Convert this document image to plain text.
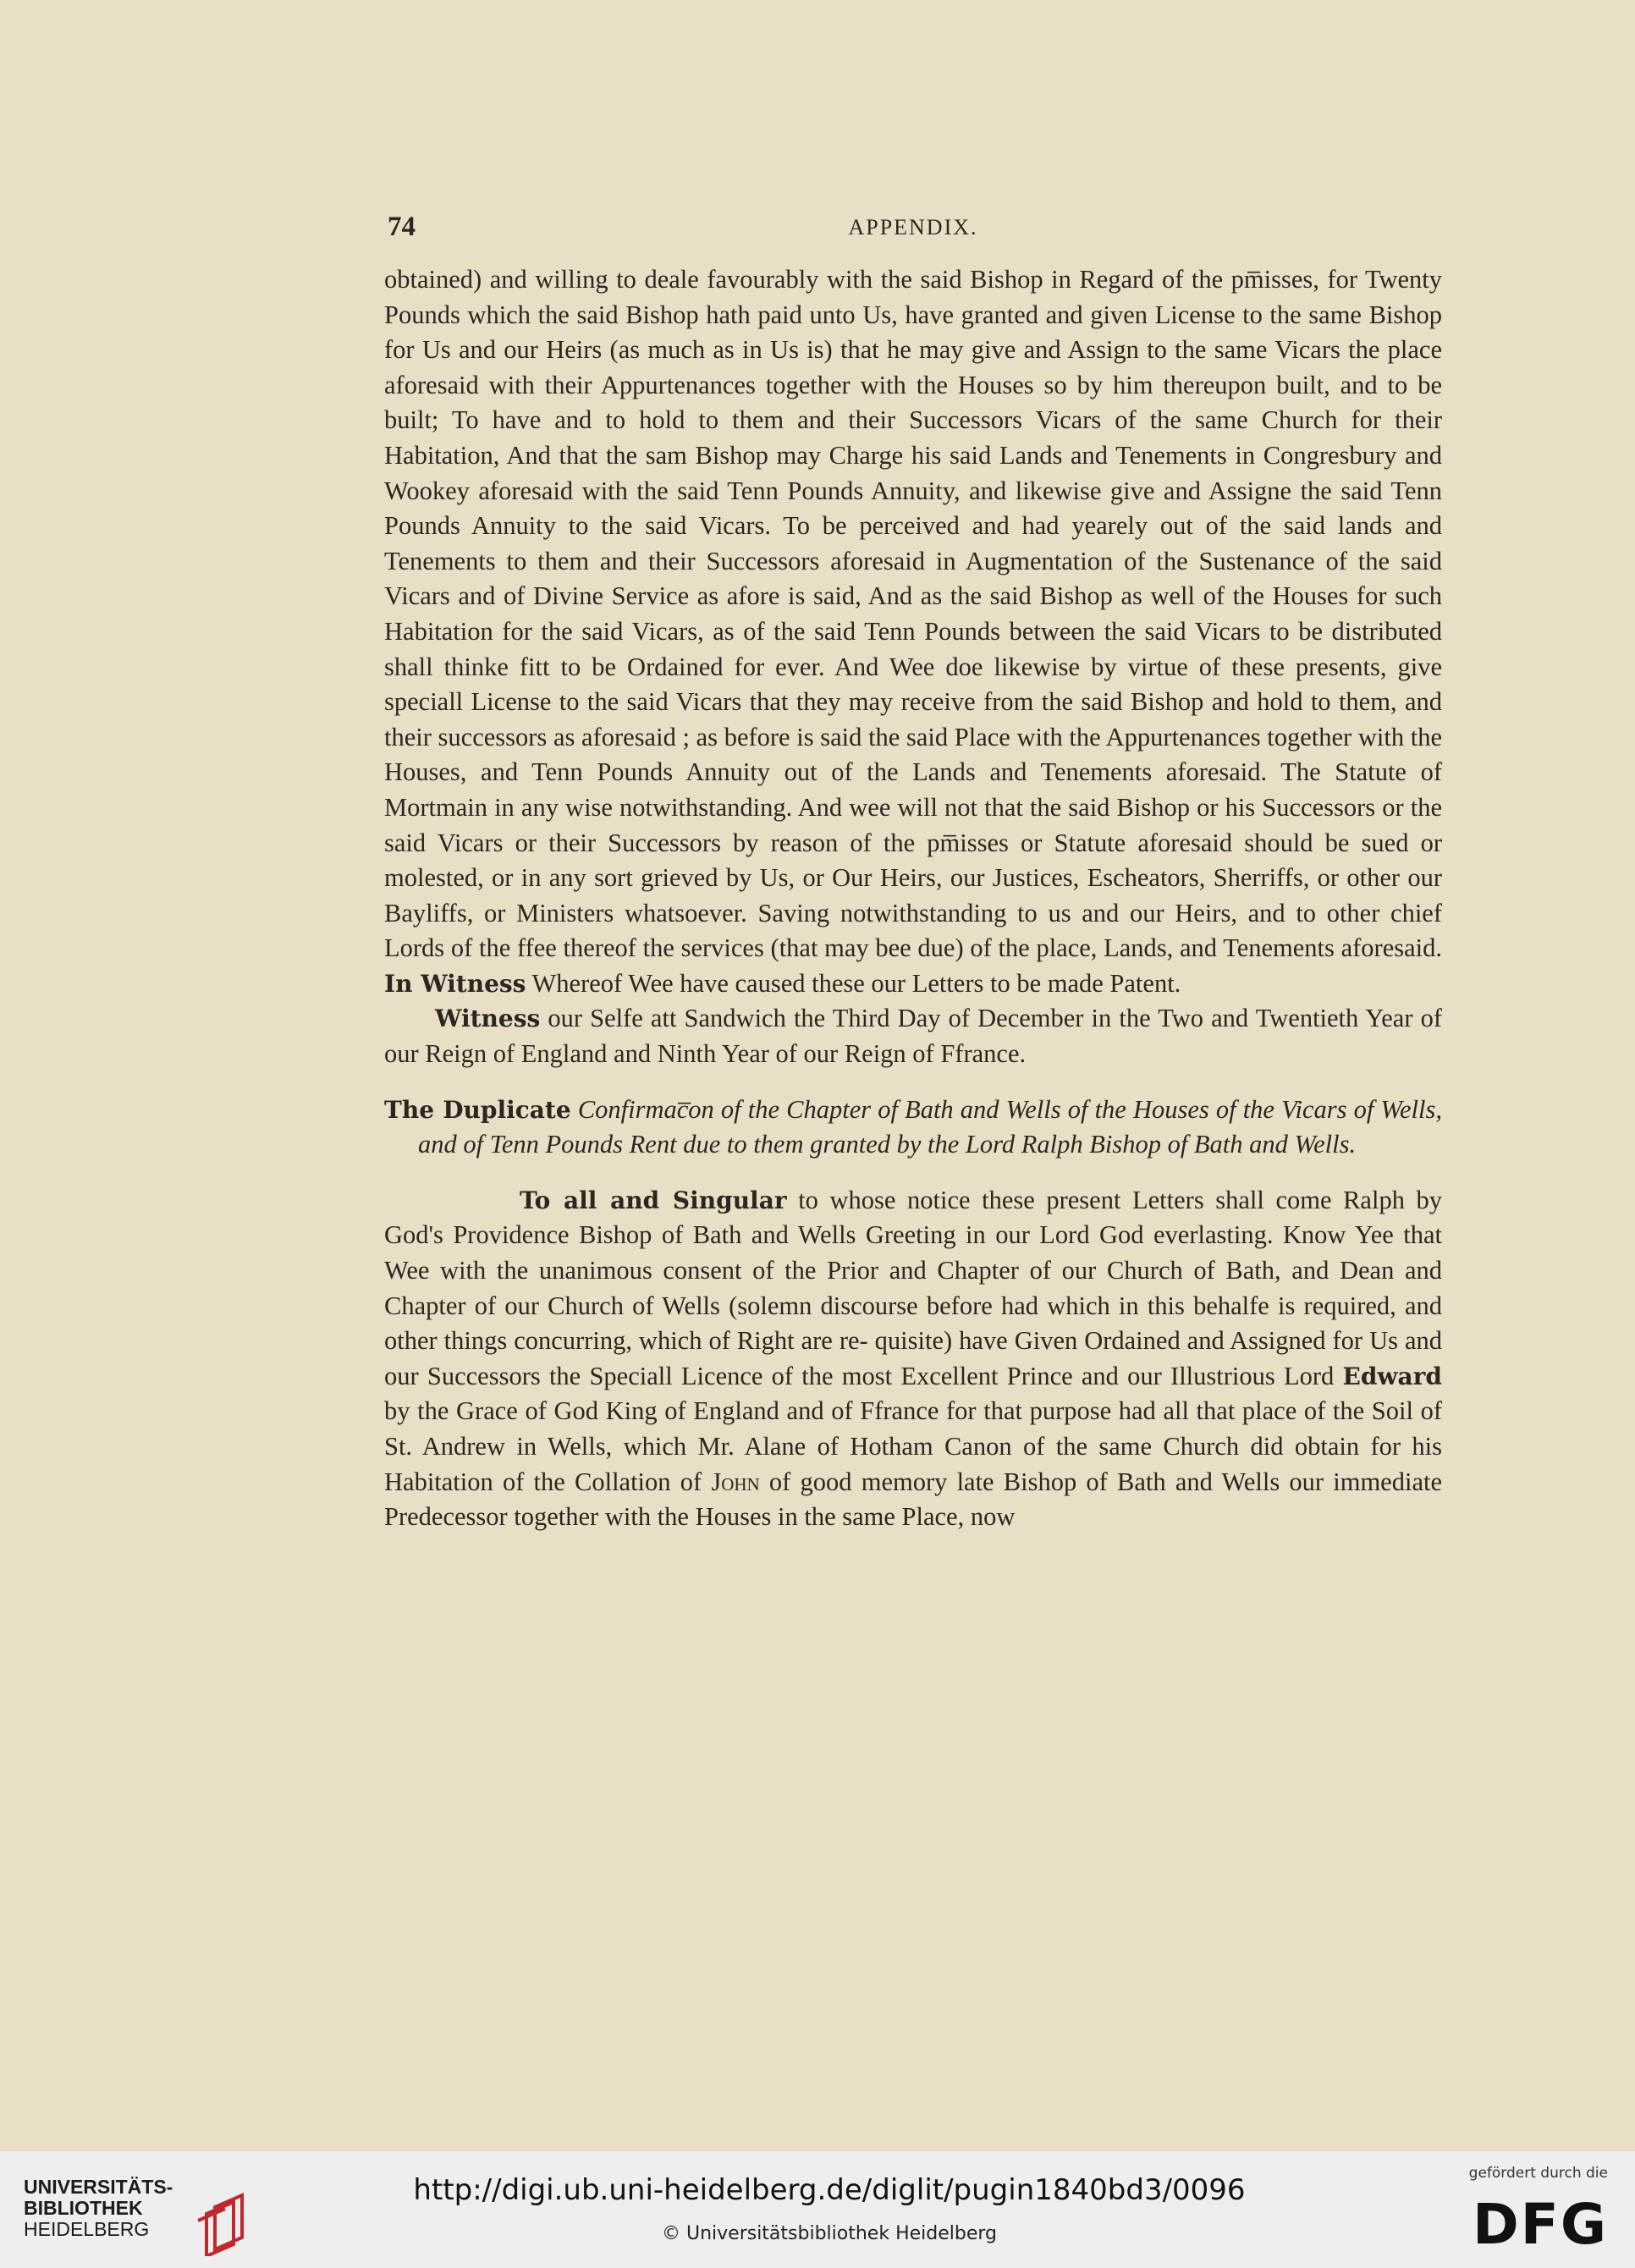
74	APPENDIX.

obtained) and willing to deale favourably with the said Bishop in Regard of the pm̅isses, for Twenty Pounds which the said Bishop hath paid unto Us, have granted and given License to the same Bishop for Us and our Heirs (as much as in Us is) that he may give and Assign to the same Vicars the place aforesaid with their Appurtenances together with the Houses so by him thereupon built, and to be built; To have and to hold to them and their Successors Vicars of the same Church for their Habitation, And that the sam Bishop may Charge his said Lands and Tenements in Congresbury and Wookey aforesaid with the said Tenn Pounds Annuity, and likewise give and Assigne the said Tenn Pounds Annuity to the said Vicars. To be perceived and had yearely out of the said lands and Tenements to them and their Successors aforesaid in Augmentation of the Sustenance of the said Vicars and of Divine Service as afore is said, And as the said Bishop as well of the Houses for such Habitation for the said Vicars, as of the said Tenn Pounds between the said Vicars to be distributed shall thinke fitt to be Ordained for ever. And Wee doe likewise by virtue of these presents, give speciall License to the said Vicars that they may receive from the said Bishop and hold to them, and their successors as aforesaid ; as before is said the said Place with the Appurtenances together with the Houses, and Tenn Pounds Annuity out of the Lands and Tenements aforesaid. The Statute of Mortmain in any wise notwithstanding. And wee will not that the said Bishop or his Successors or the said Vicars or their Successors by reason of the pm̅isses or Statute aforesaid should be sued or molested, or in any sort grieved by Us, or Our Heirs, our Justices, Escheators, Sherriffs, or other our Bayliffs, or Ministers whatsoever. Saving notwithstanding to us and our Heirs, and to other chief Lords of the ffee thereof the services (that may bee due) of the place, Lands, and Tenements aforesaid. In Witness Whereof Wee have caused these our Letters to be made Patent.

Witness our Selfe att Sandwich the Third Day of December in the Two and Twentieth Year of our Reign of England and Ninth Year of our Reign of Ffrance.

The Duplicate Confirmac̅on of the Chapter of Bath and Wells of the Houses of the Vicars of Wells, and of Tenn Pounds Rent due to them granted by the Lord Ralph Bishop of Bath and Wells.

To all and Singular to whose notice these present Letters shall come Ralph by God's Providence Bishop of Bath and Wells Greeting in our Lord God everlasting. Know Yee that Wee with the unanimous consent of the Prior and Chapter of our Church of Bath, and Dean and Chapter of our Church of Wells (solemn discourse before had which in this behalfe is required, and other things concurring, which of Right are re- quisite) have Given Ordained and Assigned for Us and our Successors the Speciall Licence of the most Excellent Prince and our Illustrious Lord Edward by the Grace of God King of England and of Ffrance for that purpose had all that place of the Soil of St. Andrew in Wells, which Mr. Alane of Hotham Canon of the same Church did obtain for his Habitation of the Collation of John of good memory late Bishop of Bath and Wells our immediate Predecessor together with the Houses in the same Place, now

UNIVERSITÄTS-
BIBLIOTHEK
HEIDELBERG
http://digi.ub.uni-heidelberg.de/diglit/pugin1840bd3/0096
© Universitätsbibliothek Heidelberg
gefördert durch die
DFG
